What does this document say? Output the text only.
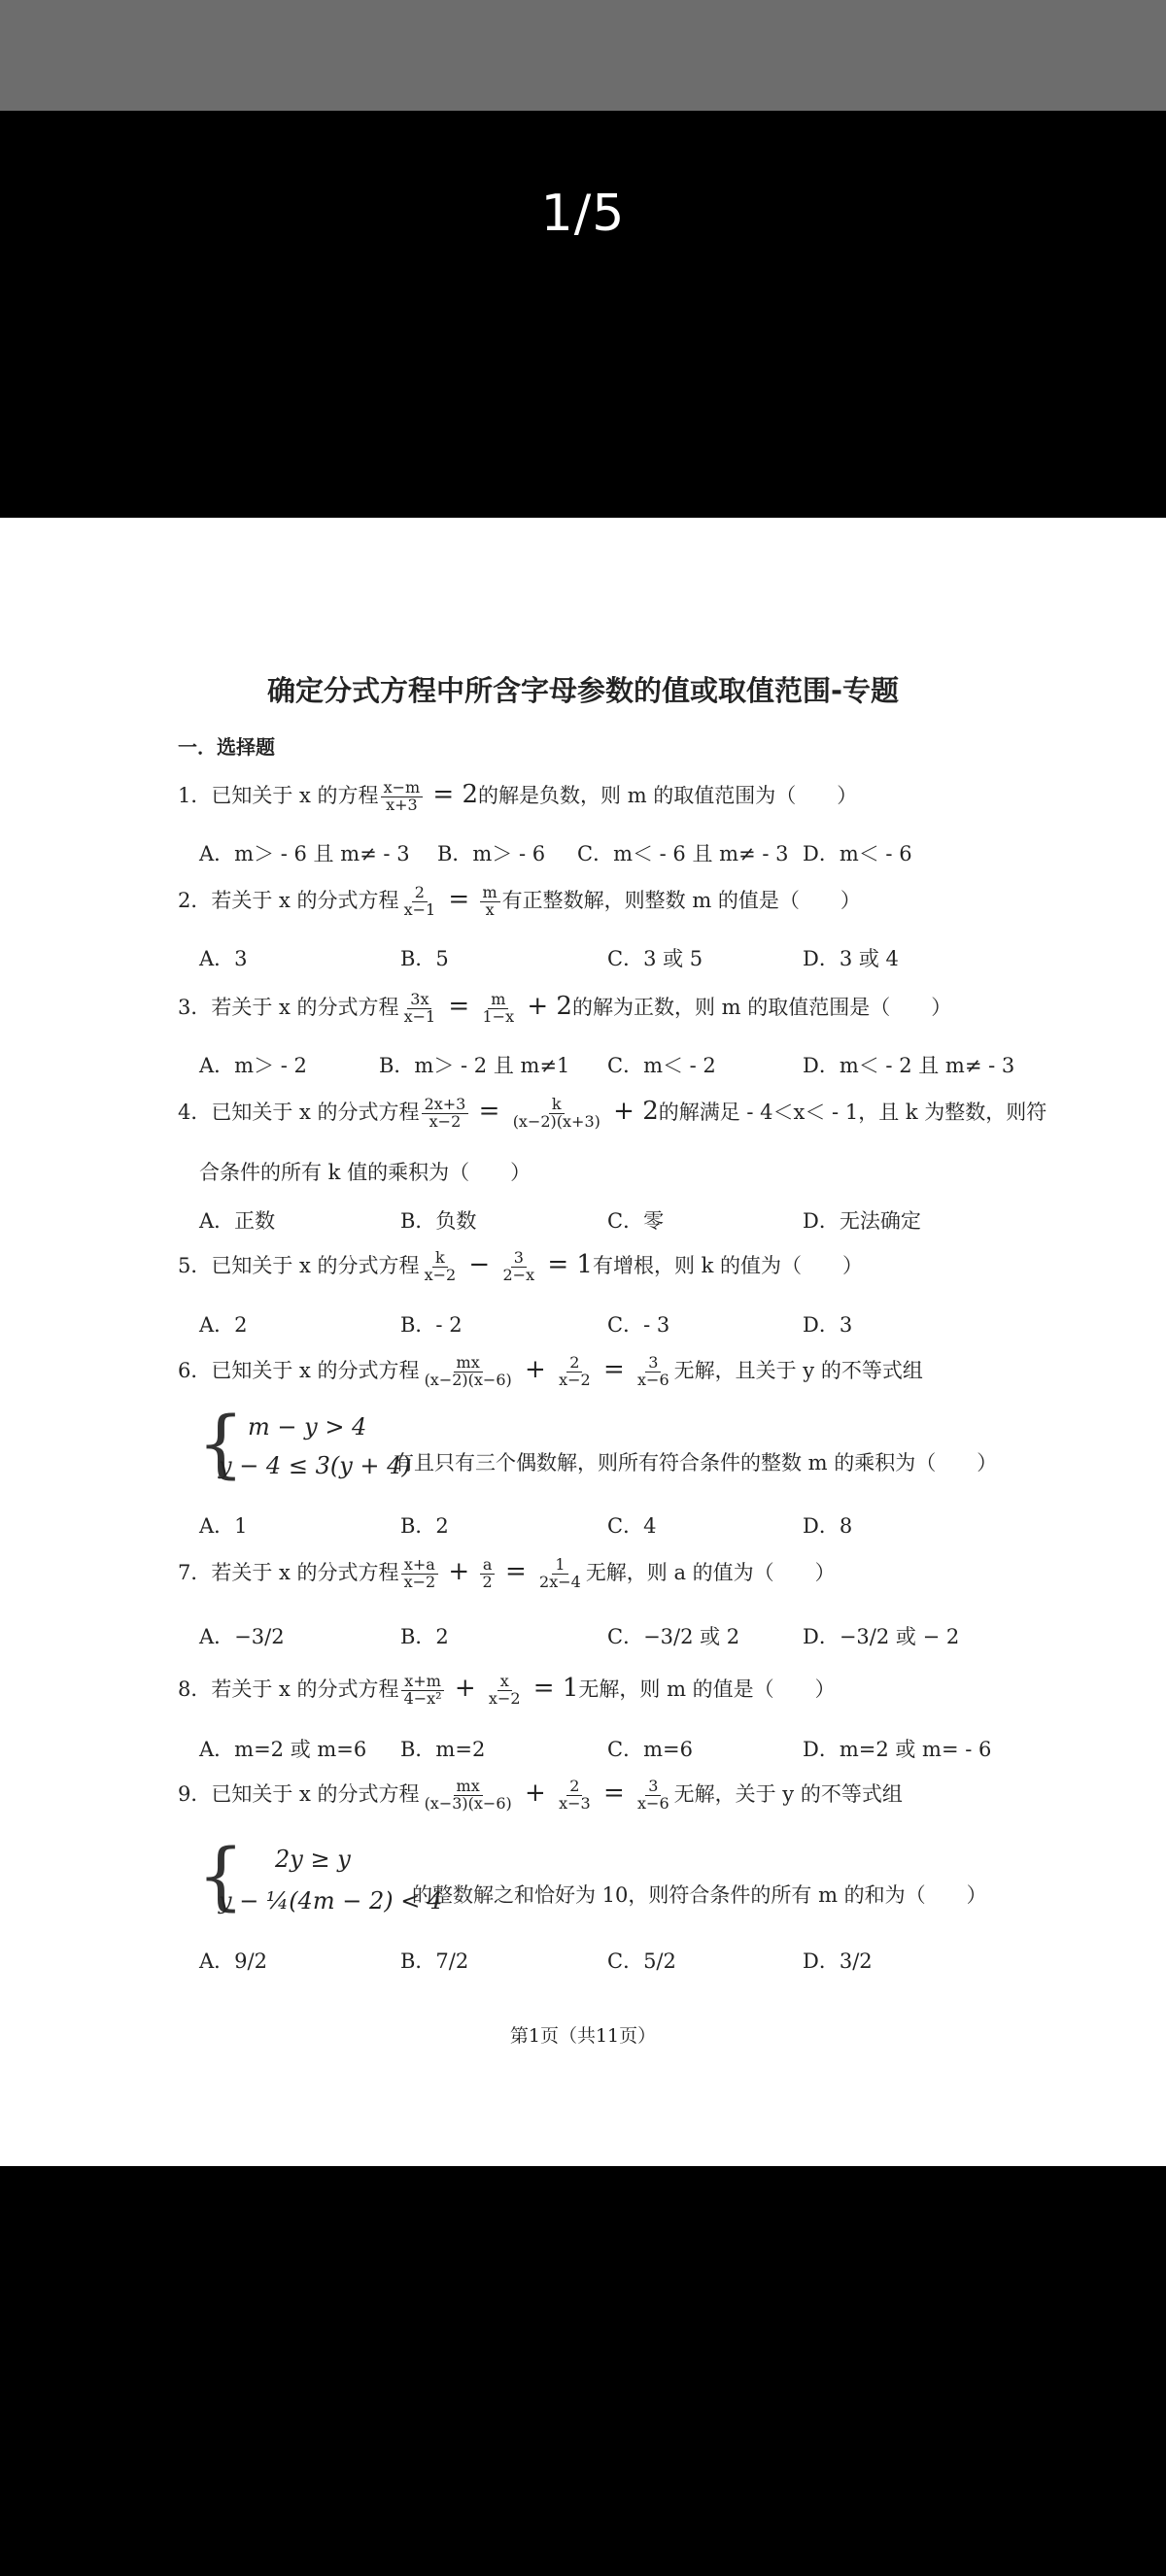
1/5
确定分式方程中所含字母参数的值或取值范围-专题
一．选择题
1．已知关于 x 的方程 $\frac{x-m}{x+3} = 2$的解是负数，则 m 的取值范围为（　　）
A．m＞ - 6 且 m≠ - 3 B．m＞ - 6 C．m＜ - 6 且 m≠ - 3 D．m＜ - 6
2．若关于 x 的分式方程 $\frac{2}{x-1} = \frac{m}{x}$ 有正整数解，则整数 m 的值是（　　）
A．3	B．5	C．3 或 5	D．3 或 4
3．若关于 x 的分式方程 $\frac{3x}{x-1} = \frac{m}{1-x} + 2$的解为正数，则 m 的取值范围是（　　）
A．m＞ - 2	B．m＞ - 2 且 m≠1 C．m＜ - 2	D．m＜ - 2 且 m≠ - 3
4．已知关于 x 的分式方程 $\frac{2x+3}{x-2} = \frac{k}{(x-2)(x+3)} + 2$的解满足 - 4＜x＜ - 1，且 k 为整数，则符
合条件的所有 k 值的乘积为（　　）
A．正数	B．负数	C．零	D．无法确定
5．已知关于 x 的分式方程 $\frac{k}{x-2} - \frac{3}{2-x} = 1$有增根，则 k 的值为（　　）
A．2	B．- 2	C．- 3	D．3
6．已知关于 x 的分式方程 $\frac{mx}{(x-2)(x-6)} + \frac{2}{x-2} = \frac{3}{x-6}$ 无解，且关于 y 的不等式组
{ m − y > 4
y − 4 ≤ 3(y + 4)
有且只有三个偶数解，则所有符合条件的整数 m 的乘积为（　　）
A．1	B．2	C．4	D．8
7．若关于 x 的分式方程 $\frac{x+a}{x-2} + \frac{a}{2} = \frac{1}{2x-4}$ 无解，则 a 的值为（　　）
A．−3/2	B．2	C．−3/2 或 2	D．−3/2 或 − 2
8．若关于 x 的分式方程 $\frac{x+m}{\text{4−x²}} + \frac{x}{x-2} = 1$无解，则 m 的值是（　　）
A．m=2 或 m=6 B．m=2	C．m=6	D．m=2 或 m= - 6
9．已知关于 x 的分式方程 $\frac{mx}{(x-3)(x-6)} + \frac{2}{x-3} = \frac{3}{x-6}$ 无解，关于 y 的不等式组
{ 2y ≥ y
y − ¼(4m − 2) < 4
的整数解之和恰好为 10，则符合条件的所有 m 的和为（　　）
A．9/2	B．7/2	C．5/2	D．3/2
第1页（共11页）
